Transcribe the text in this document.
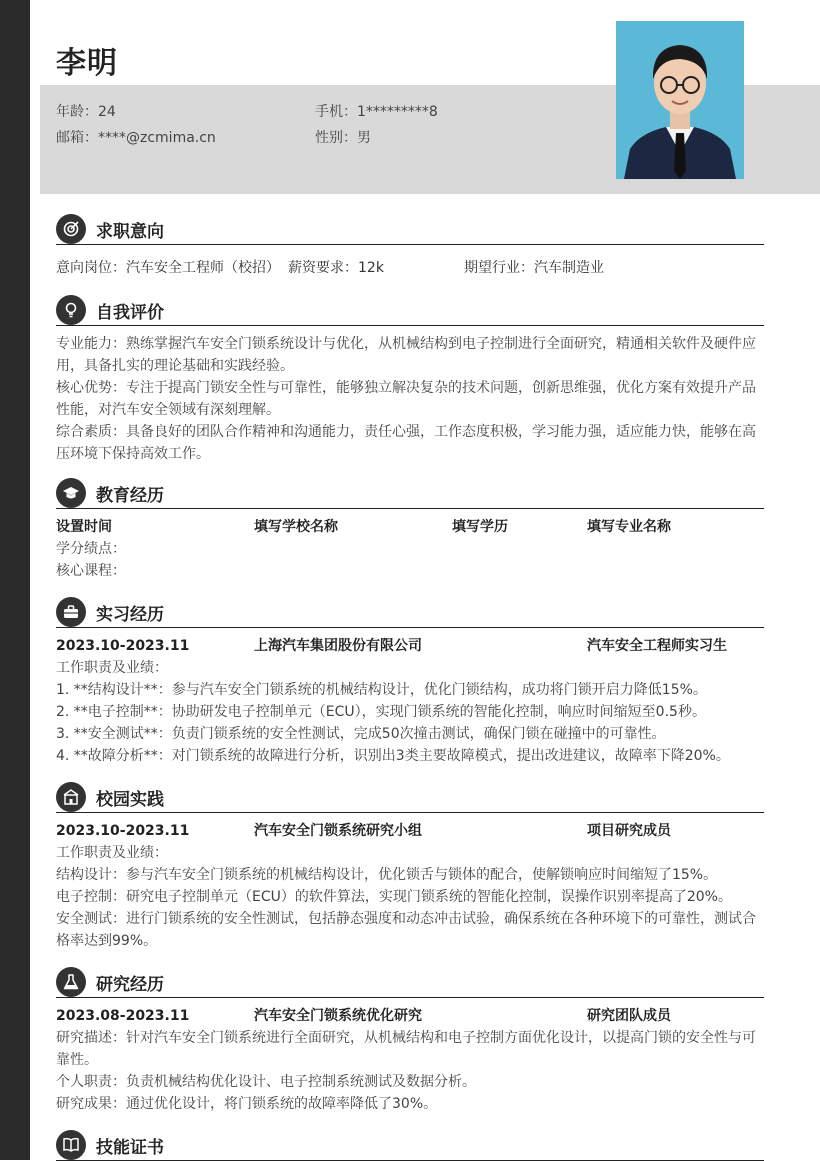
李明
年龄：24	手机：1*********8
邮箱：****@zcmima.cn	性别：男
求职意向
意向岗位：汽车安全工程师（校招） 薪资要求：12k	期望行业：汽车制造业
自我评价
专业能力：熟练掌握汽车安全门锁系统设计与优化，从机械结构到电子控制进行全面研究，精通相关软件及硬件应用，具备扎实的理论基础和实践经验。
核心优势：专注于提高门锁安全性与可靠性，能够独立解决复杂的技术问题，创新思维强，优化方案有效提升产品性能，对汽车安全领域有深刻理解。
综合素质：具备良好的团队合作精神和沟通能力，责任心强，工作态度积极，学习能力强，适应能力快，能够在高压环境下保持高效工作。
教育经历
设置时间	填写学校名称	填写学历	填写专业名称
学分绩点：
核心课程：
实习经历
2023.10-2023.11	上海汽车集团股份有限公司	汽车安全工程师实习生
工作职责及业绩：
1. **结构设计**：参与汽车安全门锁系统的机械结构设计，优化门锁结构，成功将门锁开启力降低15%。
2. **电子控制**：协助研发电子控制单元（ECU），实现门锁系统的智能化控制，响应时间缩短至0.5秒。
3. **安全测试**：负责门锁系统的安全性测试，完成50次撞击测试，确保门锁在碰撞中的可靠性。
4. **故障分析**：对门锁系统的故障进行分析，识别出3类主要故障模式，提出改进建议，故障率下降20%。
校园实践
2023.10-2023.11	汽车安全门锁系统研究小组	项目研究成员
工作职责及业绩：
结构设计：参与汽车安全门锁系统的机械结构设计，优化锁舌与锁体的配合，使解锁响应时间缩短了15%。
电子控制：研究电子控制单元（ECU）的软件算法，实现门锁系统的智能化控制，误操作识别率提高了20%。
安全测试：进行门锁系统的安全性测试，包括静态强度和动态冲击试验，确保系统在各种环境下的可靠性，测试合格率达到99%。
研究经历
2023.08-2023.11	汽车安全门锁系统优化研究	研究团队成员
研究描述：针对汽车安全门锁系统进行全面研究，从机械结构和电子控制方面优化设计，以提高门锁的安全性与可靠性。
个人职责：负责机械结构优化设计、电子控制系统测试及数据分析。
研究成果：通过优化设计，将门锁系统的故障率降低了30%。
技能证书
